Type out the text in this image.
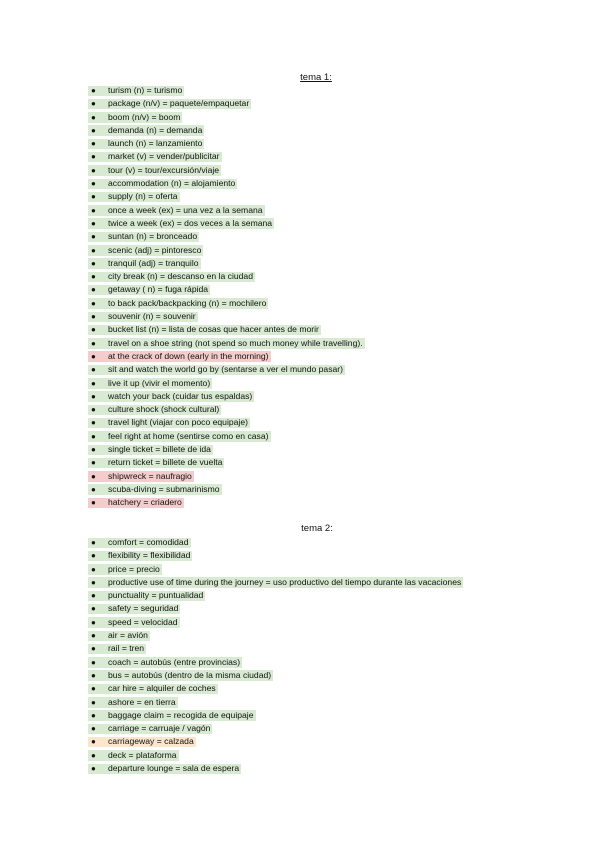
tema 1:
●	turism (n) = turismo
●	package (n/v) = paquete/empaquetar
●	boom (n/v) = boom
●	demanda (n) = demanda
●	launch (n) = lanzamiento
●	market (v) = vender/publicitar
●	tour (v) = tour/excursión/viaje
●	accommodation (n) = alojamiento
●	supply (n) = oferta
●	once a week (ex) = una vez a la semana
●	twice a week (ex) = dos veces a la semana
●	suntan (n) = bronceado
●	scenic (adj) = pintoresco
●	tranquil (adj) = tranquilo
●	city break (n) = descanso en la ciudad
●	getaway ( n) = fuga rápida
●	to back pack/backpacking (n) = mochilero
●	souvenir (n) = souvenir
●	bucket list (n) = lista de cosas que hacer antes de morir
●	travel on a shoe string (not spend so much money while travelling).
●	at the crack of down (early in the morning)
●	sit and watch the world go by (sentarse a ver el mundo pasar)
●	live it up (vivir el momento)
●	watch your back (cuidar tus espaldas)
●	culture shock (shock cultural)
●	travel light (viajar con poco equipaje)
●	feel right at home (sentirse como en casa)
●	single ticket = billete de ida
●	return ticket = billete de vuelta
●	shipwreck = naufragio
●	scuba-diving = submarinismo
●	hatchery = criadero
tema 2:
●	comfort = comodidad
●	flexibility = flexibilidad
●	price = precio
●	productive use of time during the journey = uso productivo del tiempo durante las vacaciones
●	punctuality = puntualidad
●	safety = seguridad
●	speed = velocidad
●	air = avión
●	rail = tren
●	coach = autobús (entre provincias)
●	bus = autobús (dentro de la misma ciudad)
●	car hire = alquiler de coches
●	ashore = en tierra
●	baggage claim = recogida de equipaje
●	carriage = carruaje / vagón
●	carriageway = calzada
●	deck = plataforma
●	departure lounge = sala de espera
